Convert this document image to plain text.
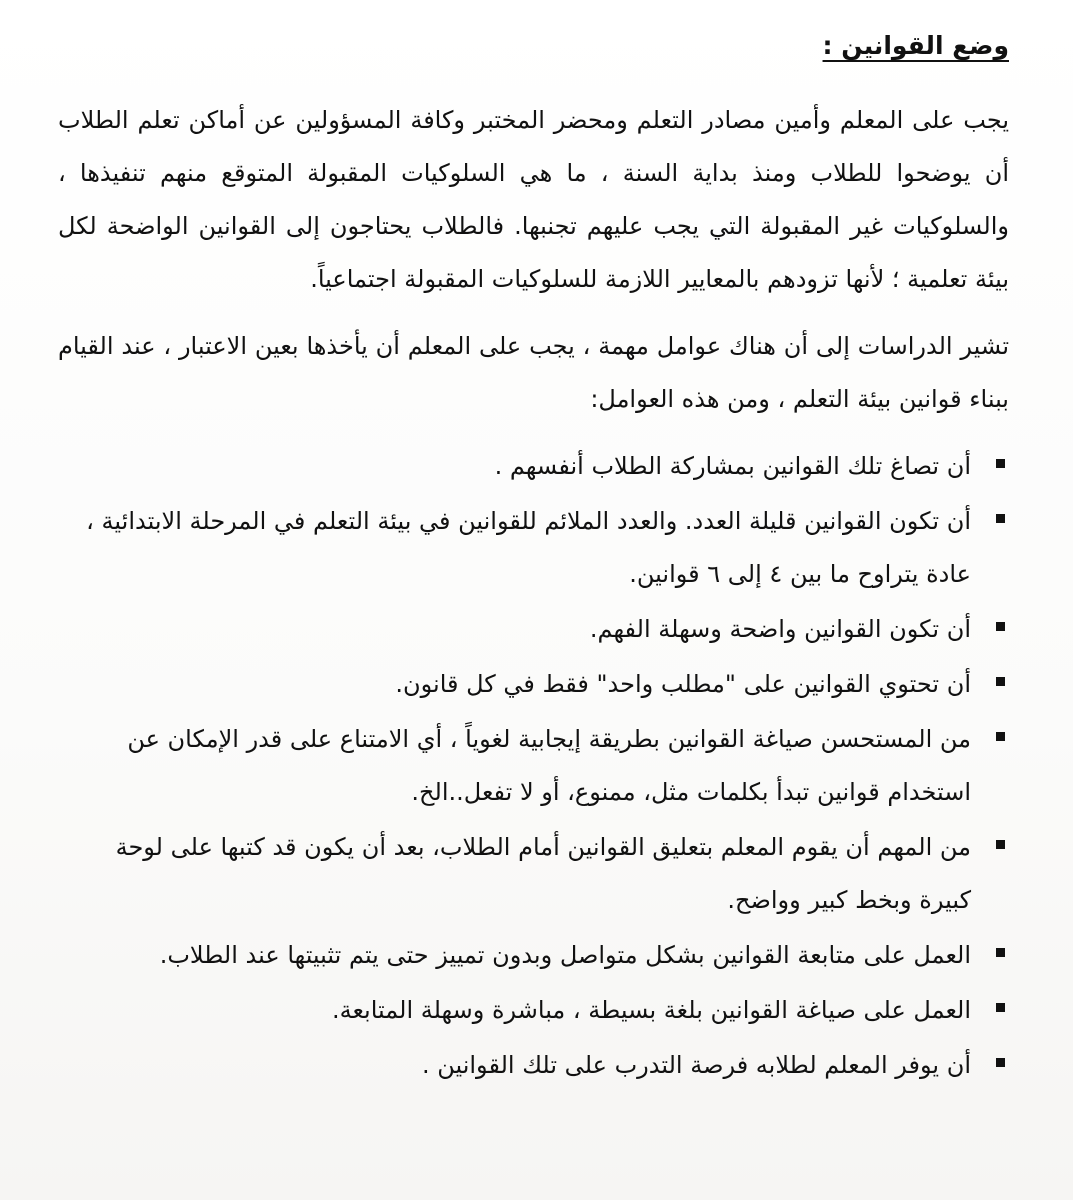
وضع القوانين :

يجب على المعلم وأمين مصادر التعلم ومحضر المختبر وكافة المسؤولين عن أماكن تعلم الطلاب أن يوضحوا للطلاب ومنذ بداية السنة ، ما هي السلوكيات المقبولة المتوقع منهم تنفيذها ، والسلوكيات غير المقبولة التي يجب عليهم تجنبها. فالطلاب يحتاجون إلى القوانين الواضحة لكل بيئة تعلمية ؛ لأنها تزودهم بالمعايير اللازمة للسلوكيات المقبولة اجتماعياً.

تشير الدراسات إلى أن هناك عوامل مهمة ، يجب على المعلم أن يأخذها بعين الاعتبار ، عند القيام ببناء قوانين بيئة التعلم ، ومن هذه العوامل:

أن تصاغ تلك القوانين بمشاركة الطلاب أنفسهم .
أن تكون القوانين قليلة العدد. والعدد الملائم للقوانين في بيئة التعلم في المرحلة الابتدائية ، عادة يتراوح ما بين ٤ إلى ٦ قوانين.
أن تكون القوانين واضحة وسهلة الفهم.
أن تحتوي القوانين على "مطلب واحد" فقط في كل قانون.
من المستحسن صياغة القوانين بطريقة إيجابية لغوياً ، أي الامتناع على قدر الإمكان عن استخدام قوانين تبدأ بكلمات مثل، ممنوع، أو لا تفعل..الخ.
من المهم أن يقوم المعلم بتعليق القوانين أمام الطلاب، بعد أن يكون قد كتبها على لوحة كبيرة وبخط كبير وواضح.
العمل على متابعة القوانين بشكل متواصل وبدون تمييز حتى يتم تثبيتها عند الطلاب.
العمل على صياغة القوانين بلغة بسيطة ، مباشرة وسهلة المتابعة.
أن يوفر المعلم لطلابه فرصة التدرب على تلك القوانين .
